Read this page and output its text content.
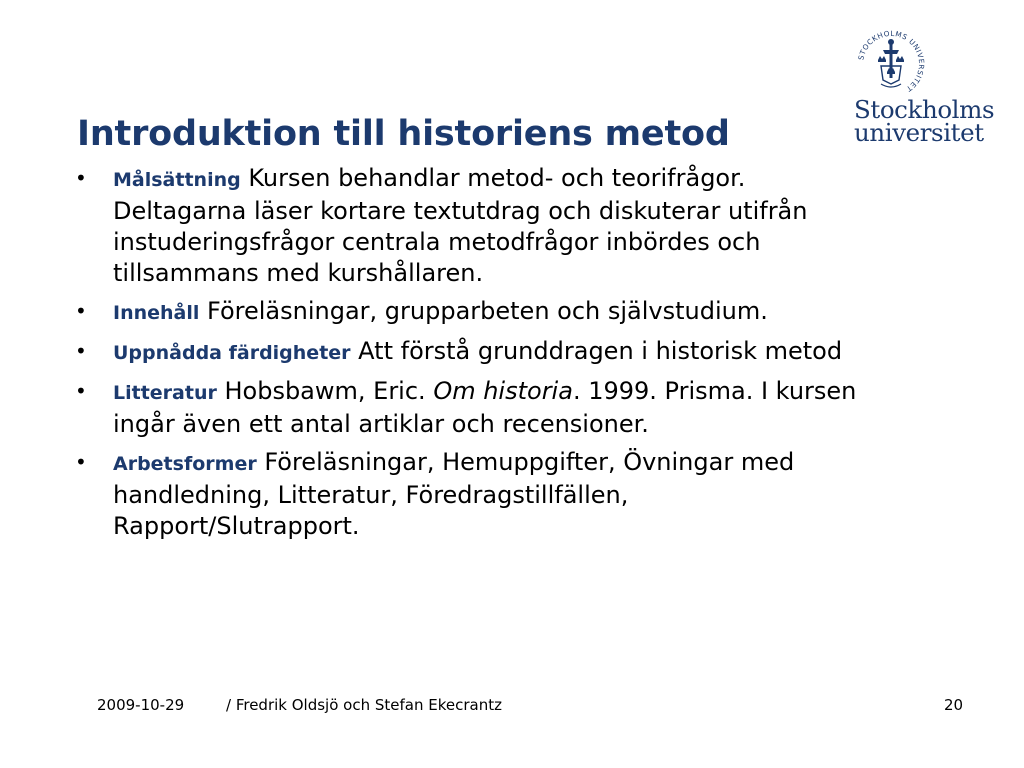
STOCKHOLMS UNIVERSITET
Stockholms
universitet
Introduktion till historiens metod
• Målsättning Kursen behandlar metod- och teorifrågor. Deltagarna läser kortare textutdrag och diskuterar utifrån instuderingsfrågor centrala metodfrågor inbördes och tillsammans med kurshållaren.
• Innehåll Föreläsningar, grupparbeten och självstudium.
• Uppnådda färdigheter Att förstå grunddragen i historisk metod
• Litteratur Hobsbawm, Eric. Om historia. 1999. Prisma. I kursen ingår även ett antal artiklar och recensioner.
• Arbetsformer Föreläsningar, Hemuppgifter, Övningar med handledning, Litteratur, Föredragstillfällen, Rapport/Slutrapport.
2009-10-29	/ Fredrik Oldsjö och Stefan Ekecrantz	20
